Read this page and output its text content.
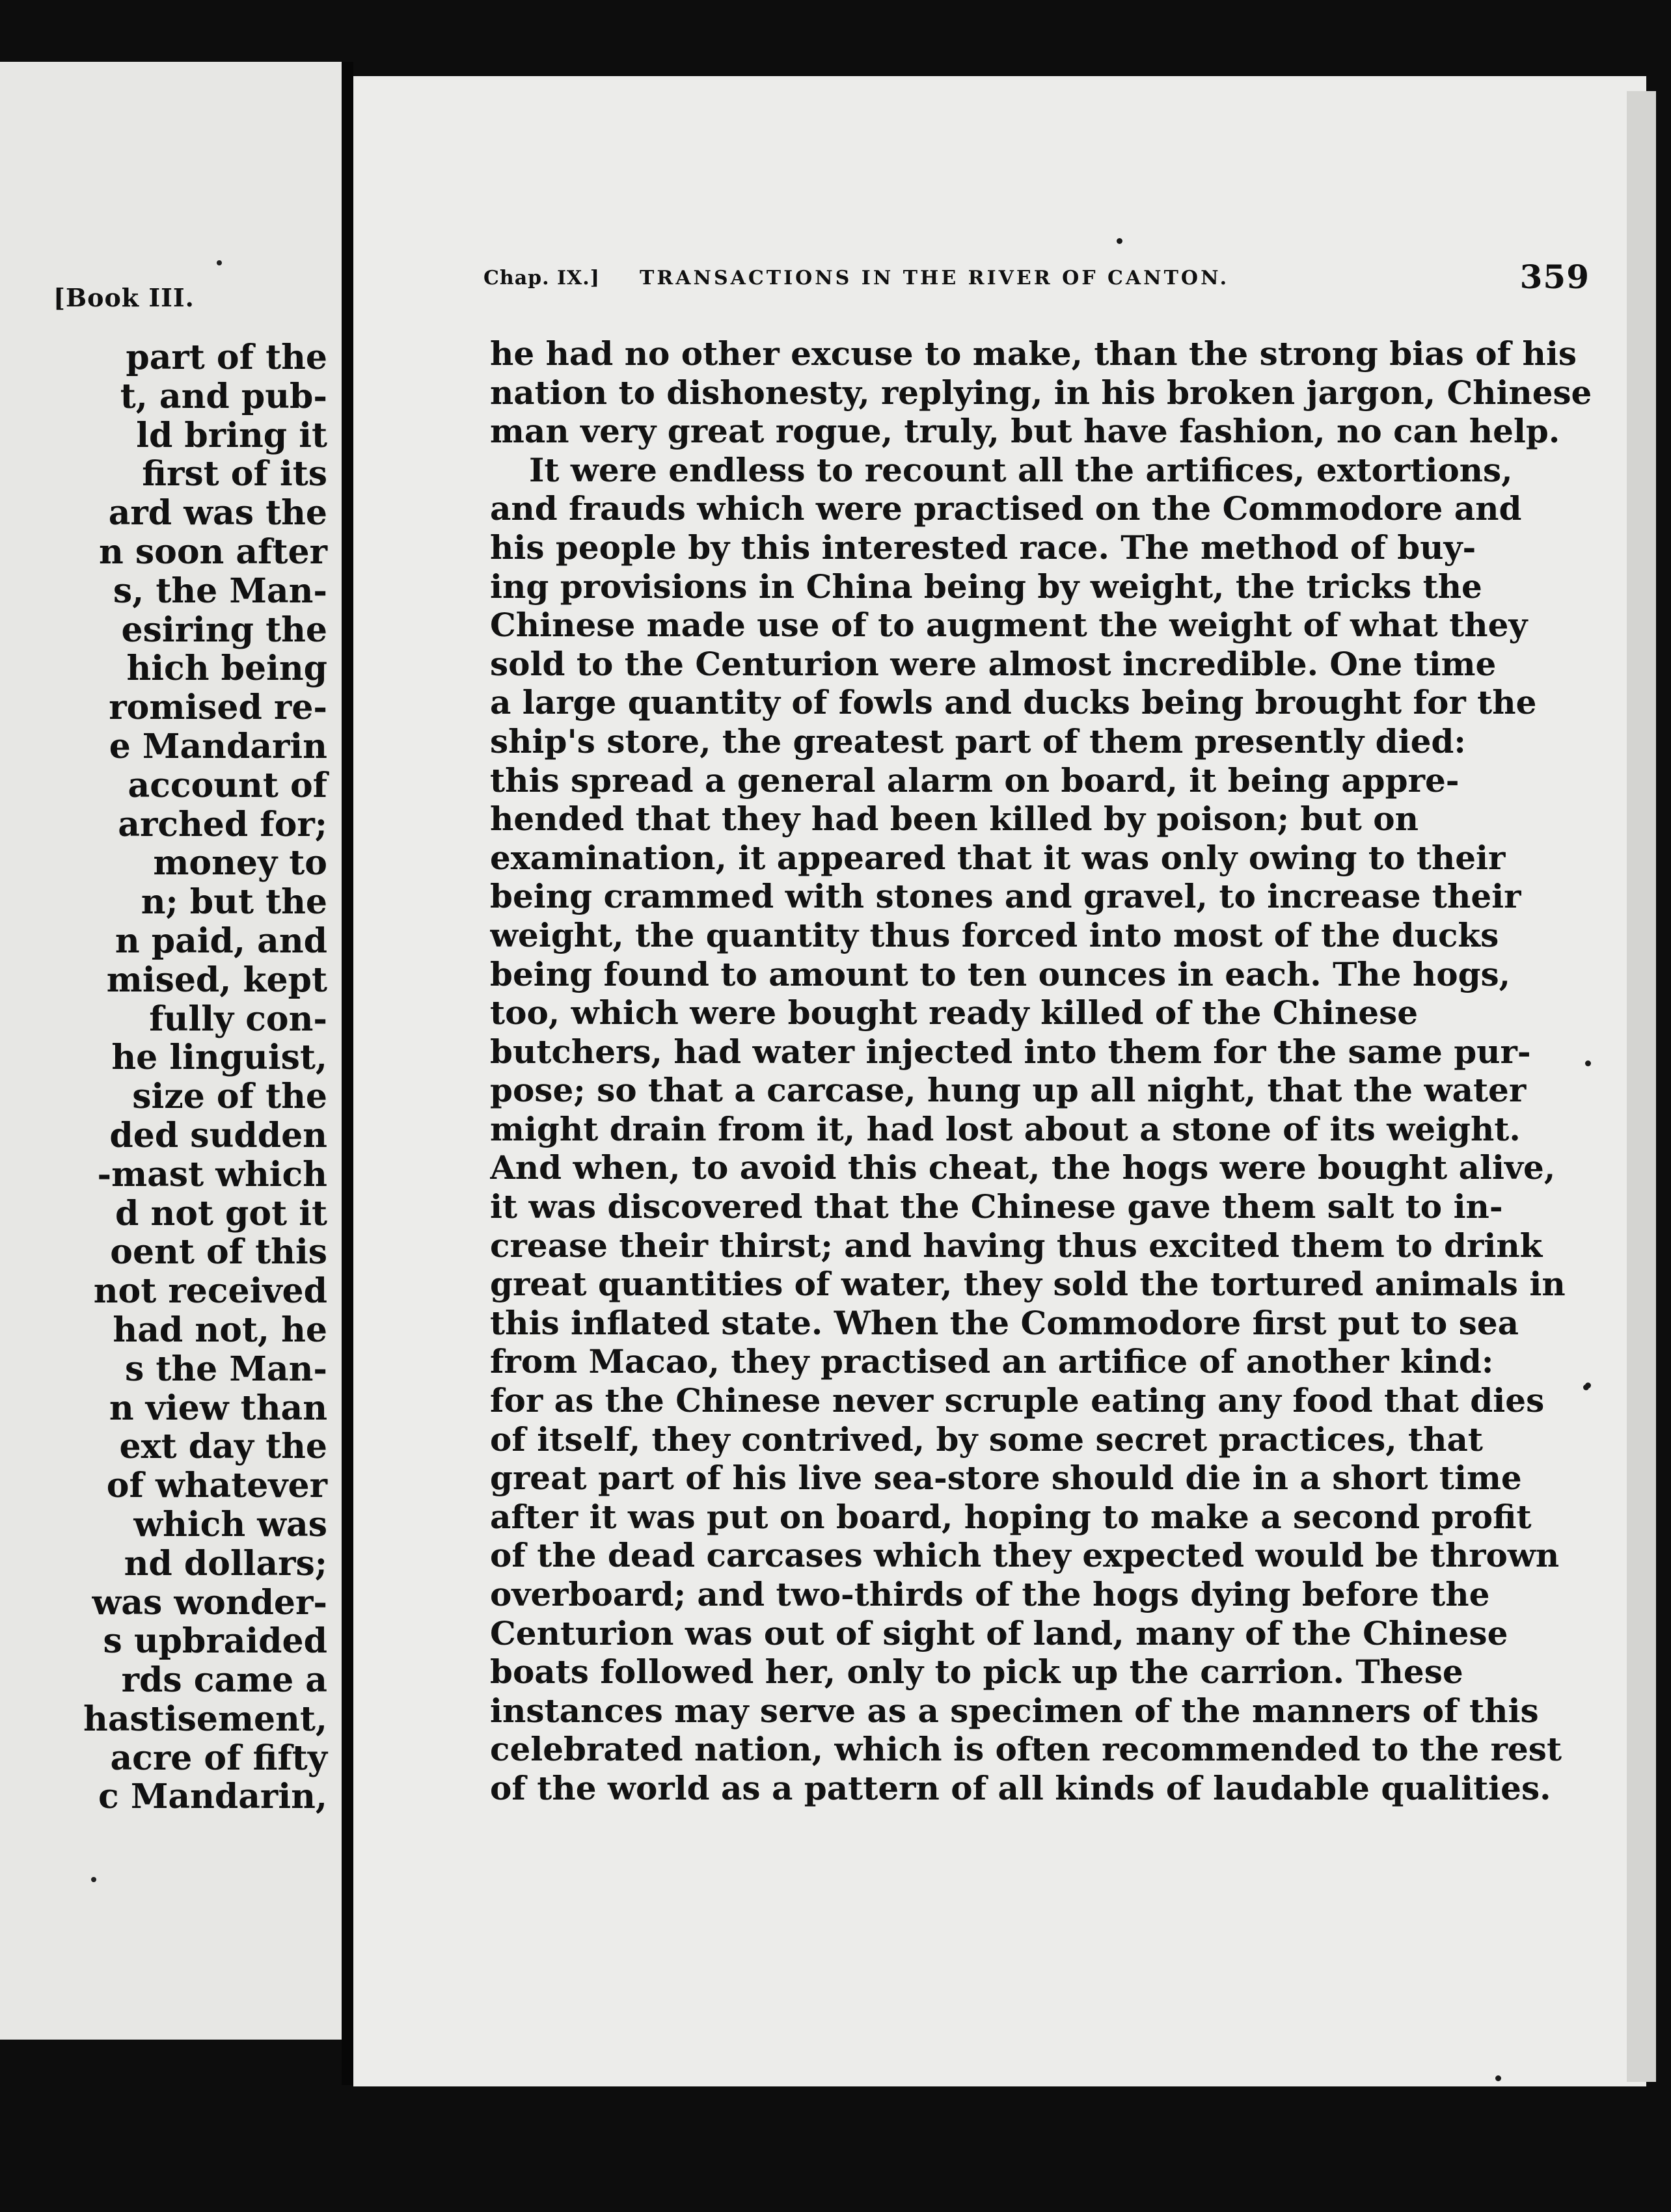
[Book III.
part of the
t, and pub-
ld bring it
first of its
ard was the
n soon after
s, the Man-
esiring the
hich being
romised re-
e Mandarin
account of
arched for;
money to
n; but the
n paid, and
mised, kept
fully con-
he linguist,
size of the
ded sudden
-mast which
d not got it
oent of this
not received
had not, he
s the Man-
n view than
ext day the
of whatever
which was
nd dollars;
was wonder-
s upbraided
rds came a
hastisement,
acre of fifty
c Mandarin,
Chap. IX.] TRANSACTIONS IN THE RIVER OF CANTON.	359
he had no other excuse to make, than the strong bias of his
nation to dishonesty, replying, in his broken jargon, Chinese
man very great rogue, truly, but have fashion, no can help.
It were endless to recount all the artifices, extortions,
and frauds which were practised on the Commodore and
his people by this interested race. The method of buy-
ing provisions in China being by weight, the tricks the
Chinese made use of to augment the weight of what they
sold to the Centurion were almost incredible. One time
a large quantity of fowls and ducks being brought for the
ship's store, the greatest part of them presently died:
this spread a general alarm on board, it being appre-
hended that they had been killed by poison; but on
examination, it appeared that it was only owing to their
being crammed with stones and gravel, to increase their
weight, the quantity thus forced into most of the ducks
being found to amount to ten ounces in each. The hogs,
too, which were bought ready killed of the Chinese
butchers, had water injected into them for the same pur-
pose; so that a carcase, hung up all night, that the water
might drain from it, had lost about a stone of its weight.
And when, to avoid this cheat, the hogs were bought alive,
it was discovered that the Chinese gave them salt to in-
crease their thirst; and having thus excited them to drink
great quantities of water, they sold the tortured animals in
this inflated state. When the Commodore first put to sea
from Macao, they practised an artifice of another kind:
for as the Chinese never scruple eating any food that dies
of itself, they contrived, by some secret practices, that
great part of his live sea-store should die in a short time
after it was put on board, hoping to make a second profit
of the dead carcases which they expected would be thrown
overboard; and two-thirds of the hogs dying before the
Centurion was out of sight of land, many of the Chinese
boats followed her, only to pick up the carrion. These
instances may serve as a specimen of the manners of this
celebrated nation, which is often recommended to the rest
of the world as a pattern of all kinds of laudable qualities.
